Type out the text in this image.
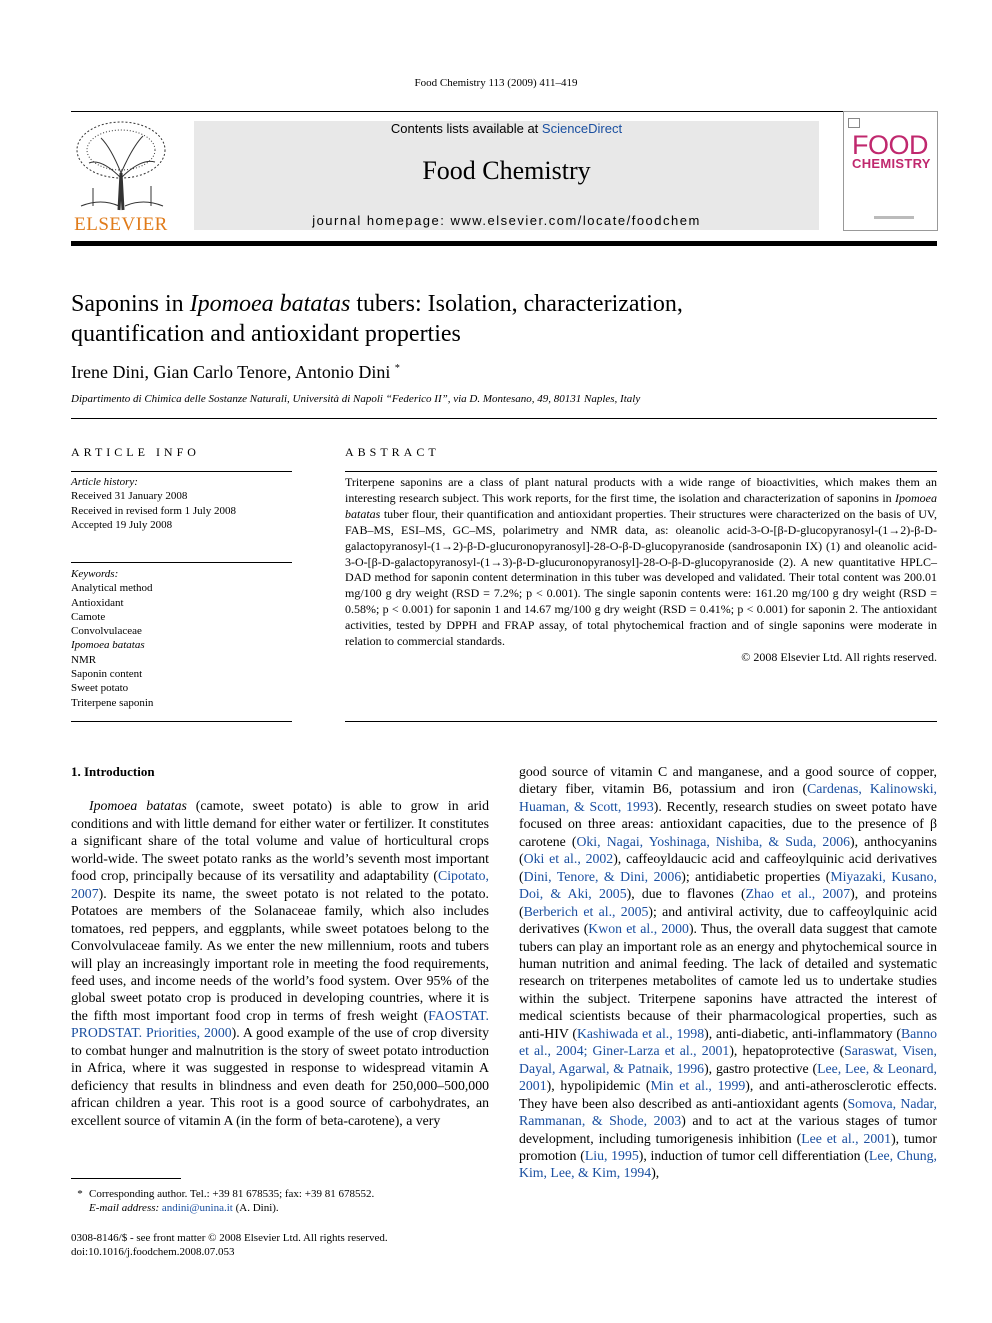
Food Chemistry 113 (2009) 411–419
ELSEVIER
Contents lists available at ScienceDirect
Food Chemistry
journal homepage: www.elsevier.com/locate/foodchem
FOOD
CHEMISTRY
Saponins in Ipomoea batatas tubers: Isolation, characterization,
quantification and antioxidant properties
Irene Dini, Gian Carlo Tenore, Antonio Dini *
Dipartimento di Chimica delle Sostanze Naturali, Università di Napoli “Federico II”, via D. Montesano, 49, 80131 Naples, Italy
ARTICLE INFO
Article history:
Received 31 January 2008
Received in revised form 1 July 2008
Accepted 19 July 2008
Keywords:
Analytical method
Antioxidant
Camote
Convolvulaceae
Ipomoea batatas
NMR
Saponin content
Sweet potato
Triterpene saponin
ABSTRACT
Triterpene saponins are a class of plant natural products with a wide range of bioactivities, which makes them an interesting research subject. This work reports, for the first time, the isolation and characterization of saponins in Ipomoea batatas tuber flour, their quantification and antioxidant properties. Their structures were characterized on the basis of UV, FAB–MS, ESI–MS, GC–MS, polarimetry and NMR data, as: oleanolic acid-3-O-[β-D-glucopyranosyl-(1→2)-β-D-galactopyranosyl-(1→2)-β-D-glucuronopyranosyl]-28-O-β-D-glucopyranoside (sandrosaponin IX) (1) and oleanolic acid-3-O-[β-D-galactopyranosyl-(1→3)-β-D-glucuronopyranosyl]-28-O-β-D-glucopyranoside (2). A new quantitative HPLC–DAD method for saponin content determination in this tuber was developed and validated. Their total content was 200.01 mg/100 g dry weight (RSD = 7.2%; p < 0.001). The single saponin contents were: 161.20 mg/100 g dry weight (RSD = 0.58%; p < 0.001) for saponin 1 and 14.67 mg/100 g dry weight (RSD = 0.41%; p < 0.001) for saponin 2. The antioxidant activities, tested by DPPH and FRAP assay, of total phytochemical fraction and of single saponins were moderate in relation to commercial standards.
© 2008 Elsevier Ltd. All rights reserved.

1. Introduction

Ipomoea batatas (camote, sweet potato) is able to grow in arid conditions and with little demand for either water or fertilizer. It constitutes a significant share of the total volume and value of horticultural crops world-wide. The sweet potato ranks as the world’s seventh most important food crop, principally because of its versatility and adaptability (Cipotato, 2007). Despite its name, the sweet potato is not related to the potato. Potatoes are members of the Solanaceae family, which also includes tomatoes, red peppers, and eggplants, while sweet potatoes belong to the Convolvulaceae family. As we enter the new millennium, roots and tubers will play an increasingly important role in meeting the food requirements, feed uses, and income needs of the world’s food system. Over 95% of the global sweet potato crop is produced in developing countries, where it is the fifth most important food crop in terms of fresh weight (FAOSTAT. PRODSTAT. Priorities, 2000). A good example of the use of crop diversity to combat hunger and malnutrition is the story of sweet potato introduction in Africa, where it was suggested in response to widespread vitamin A deficiency that results in blindness and even death for 250,000–500,000 african children a year. This root is a good source of carbohydrates, an excellent source of vitamin A (in the form of beta-carotene), a very

good source of vitamin C and manganese, and a good source of copper, dietary fiber, vitamin B6, potassium and iron (Cardenas, Kalinowski, Huaman, & Scott, 1993). Recently, research studies on sweet potato have focused on three areas: antioxidant capacities, due to the presence of β carotene (Oki, Nagai, Yoshinaga, Nishiba, & Suda, 2006), anthocyanins (Oki et al., 2002), caffeoyldaucic acid and caffeoylquinic acid derivatives (Dini, Tenore, & Dini, 2006); antidiabetic properties (Miyazaki, Kusano, Doi, & Aki, 2005), due to flavones (Zhao et al., 2007), and proteins (Berberich et al., 2005); and antiviral activity, due to caffeoylquinic acid derivatives (Kwon et al., 2000). Thus, the overall data suggest that camote tubers can play an important role as an energy and phytochemical source in human nutrition and animal feeding. The lack of detailed and systematic research on triterpenes metabolites of camote led us to undertake studies within the subject. Triterpene saponins have attracted the interest of medical scientists because of their pharmacological properties, such as anti-HIV (Kashiwada et al., 1998), anti-diabetic, anti-inflammatory (Banno et al., 2004; Giner-Larza et al., 2001), hepatoprotective (Saraswat, Visen, Dayal, Agarwal, & Patnaik, 1996), gastro protective (Lee, Lee, & Leonard, 2001), hypolipidemic (Min et al., 1999), and anti-atherosclerotic effects. They have been also described as anti-antioxidant agents (Somova, Nadar, Rammanan, & Shode, 2003) and to act at the various stages of tumor development, including tumorigenesis inhibition (Lee et al., 2001), tumor promotion (Liu, 1995), induction of tumor cell differentiation (Lee, Chung, Kim, Lee, & Kim, 1994),

* Corresponding author. Tel.: +39 81 678535; fax: +39 81 678552.
E-mail address: andini@unina.it (A. Dini).
0308-8146/$ - see front matter © 2008 Elsevier Ltd. All rights reserved.
doi:10.1016/j.foodchem.2008.07.053
